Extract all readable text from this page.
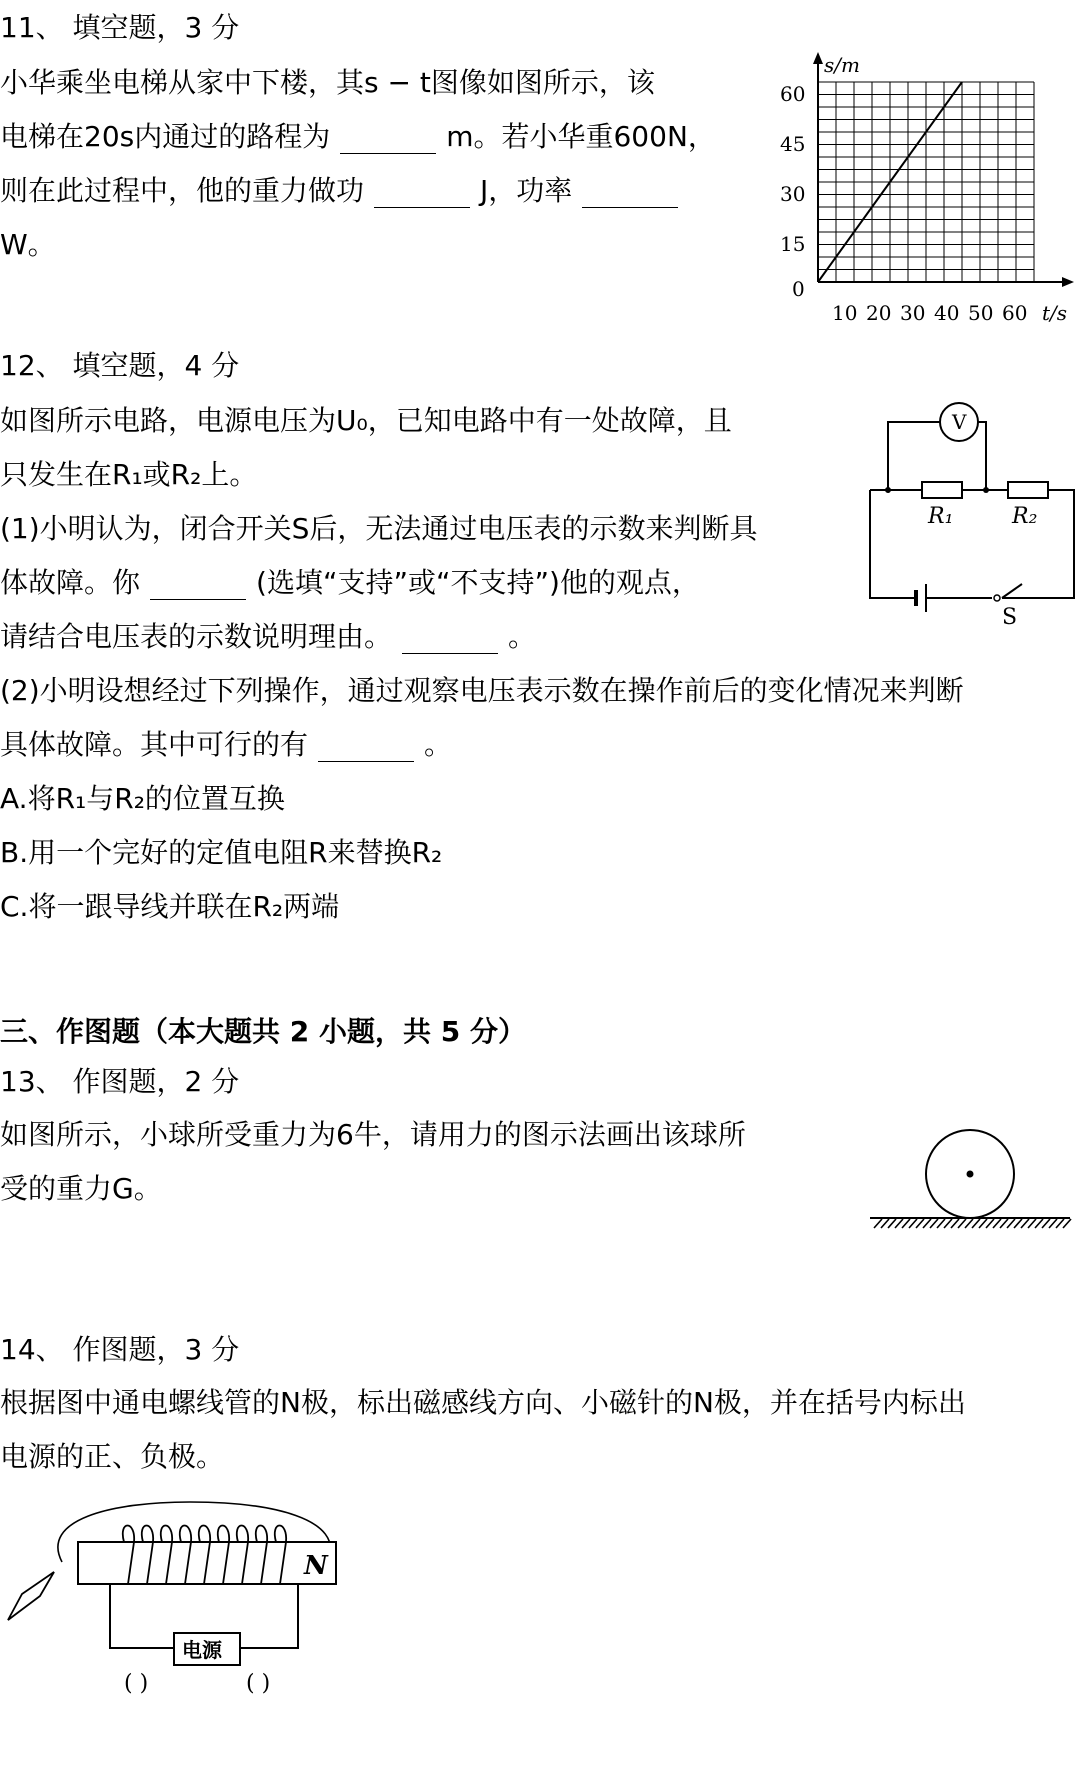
11、 填空题，3 分
小华乘坐电梯从家中下楼，其s − t图像如图所示，该
电梯在20s内通过的路程为	m。若小华重600N，
则在此过程中，他的重力做功	J，功率
W。
s/m
t/s
0
15
30
45
60
10 20 30 40 50 60
12、 填空题，4 分
如图所示电路，电源电压为U₀，已知电路中有一处故障，且
只发生在R₁或R₂上。
(1)小明认为，闭合开关S后，无法通过电压表的示数来判断具
体故障。你	(选填“支持”或“不支持”)他的观点，
请结合电压表的示数说明理由。	。
(2)小明设想经过下列操作，通过观察电压表示数在操作前后的变化情况来判断
具体故障。其中可行的有	。
A.将R₁与R₂的位置互换
B.用一个完好的定值电阻R来替换R₂
C.将一跟导线并联在R₂两端
V
R₁	R₂
S
三、作图题（本大题共 2 小题，共 5 分）
13、 作图题，2 分
如图所示，小球所受重力为6牛，请用力的图示法画出该球所
受的重力G。
14、 作图题，3 分
根据图中通电螺线管的N极，标出磁感线方向、小磁针的N极，并在括号内标出
电源的正、负极。
N
电源
( )	( )
